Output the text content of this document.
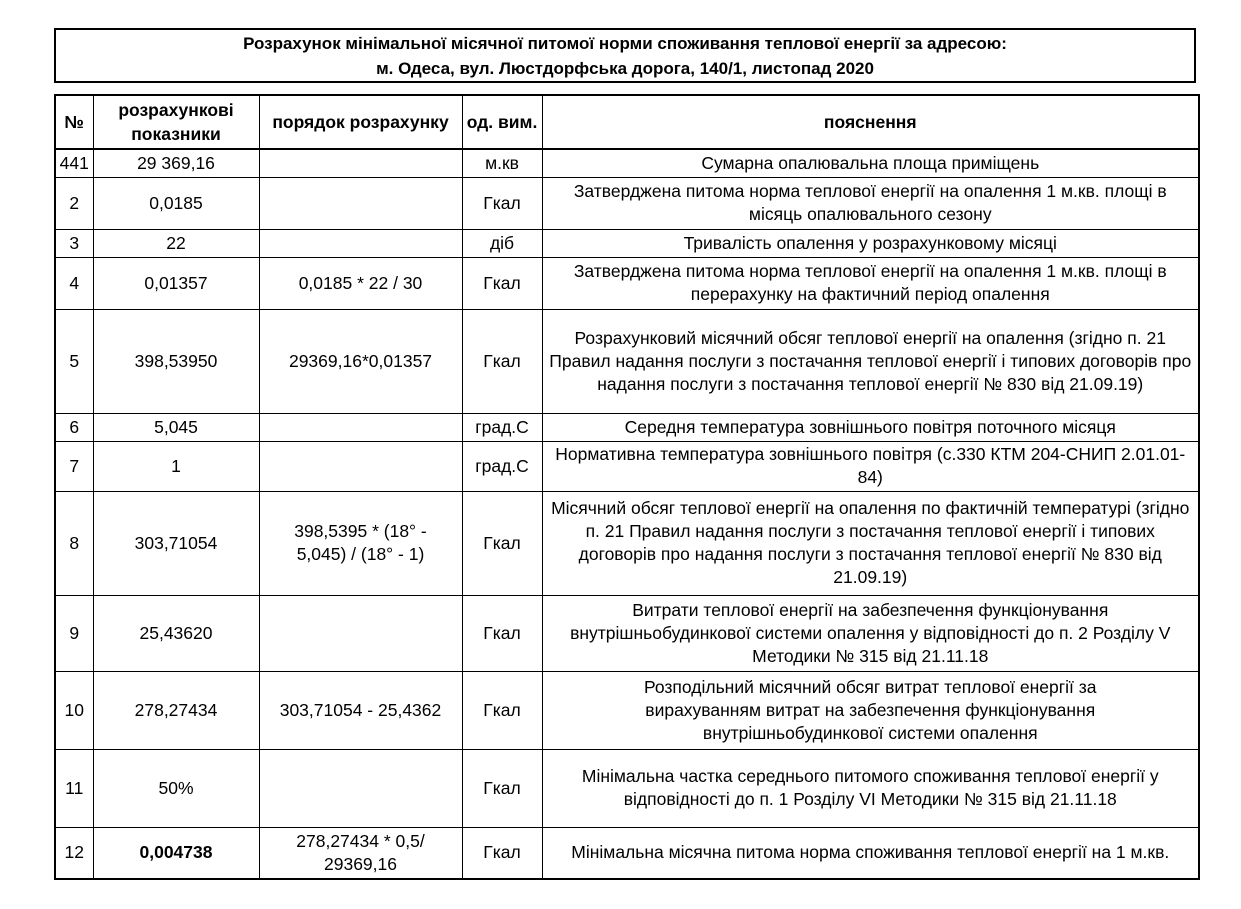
Розрахунок мінімальної місячної питомої норми споживання теплової енергії за адресою:
м. Одеса, вул. Люстдорфська дорога, 140/1, листопад 2020
№	розрахункові показники	порядок розрахунку	од. вим.	пояснення
441	29 369,16		м.кв	Сумарна опалювальна площа приміщень
2	0,0185		Гкал	Затверджена питома норма теплової енергії на опалення 1 м.кв. площі в місяць опалювального сезону
3	22		діб	Тривалість опалення у розрахунковому місяці
4	0,01357	0,0185 * 22 / 30	Гкал	Затверджена питома норма теплової енергії на опалення 1 м.кв. площі в перерахунку на фактичний період опалення
5	398,53950	29369,16*0,01357	Гкал	Розрахунковий місячний обсяг теплової енергії на опалення (згідно п. 21 Правил надання послуги з постачання теплової енергії і типових договорів про надання послуги з постачання теплової енергії № 830 від 21.09.19)
6	5,045		град.С	Середня температура зовнішнього повітря поточного місяця
7	1		град.С	Нормативна температура зовнішнього повітря (с.330 КТМ 204-СНИП 2.01.01-84)
8	303,71054	398,5395 * (18° - 5,045) / (18° - 1)	Гкал	Місячний обсяг теплової енергії на опалення по фактичній температурі (згідно п. 21 Правил надання послуги з постачання теплової енергії і типових договорів про надання послуги з постачання теплової енергії № 830 від 21.09.19)
9	25,43620		Гкал	Витрати теплової енергії на забезпечення функціонування внутрішньобудинкової системи опалення у відповідності до п. 2 Розділу V Методики № 315 від 21.11.18
10	278,27434	303,71054 - 25,4362	Гкал	Розподільний місячний обсяг витрат теплової енергії за вирахуванням витрат на забезпечення функціонування внутрішньобудинкової системи опалення
11	50%		Гкал	Мінімальна частка середнього питомого споживання теплової енергії у відповідності до п. 1 Розділу VI Методики № 315 від 21.11.18
12	0,004738	278,27434 * 0,5/ 29369,16	Гкал	Мінімальна місячна питома норма споживання теплової енергії на 1 м.кв.
